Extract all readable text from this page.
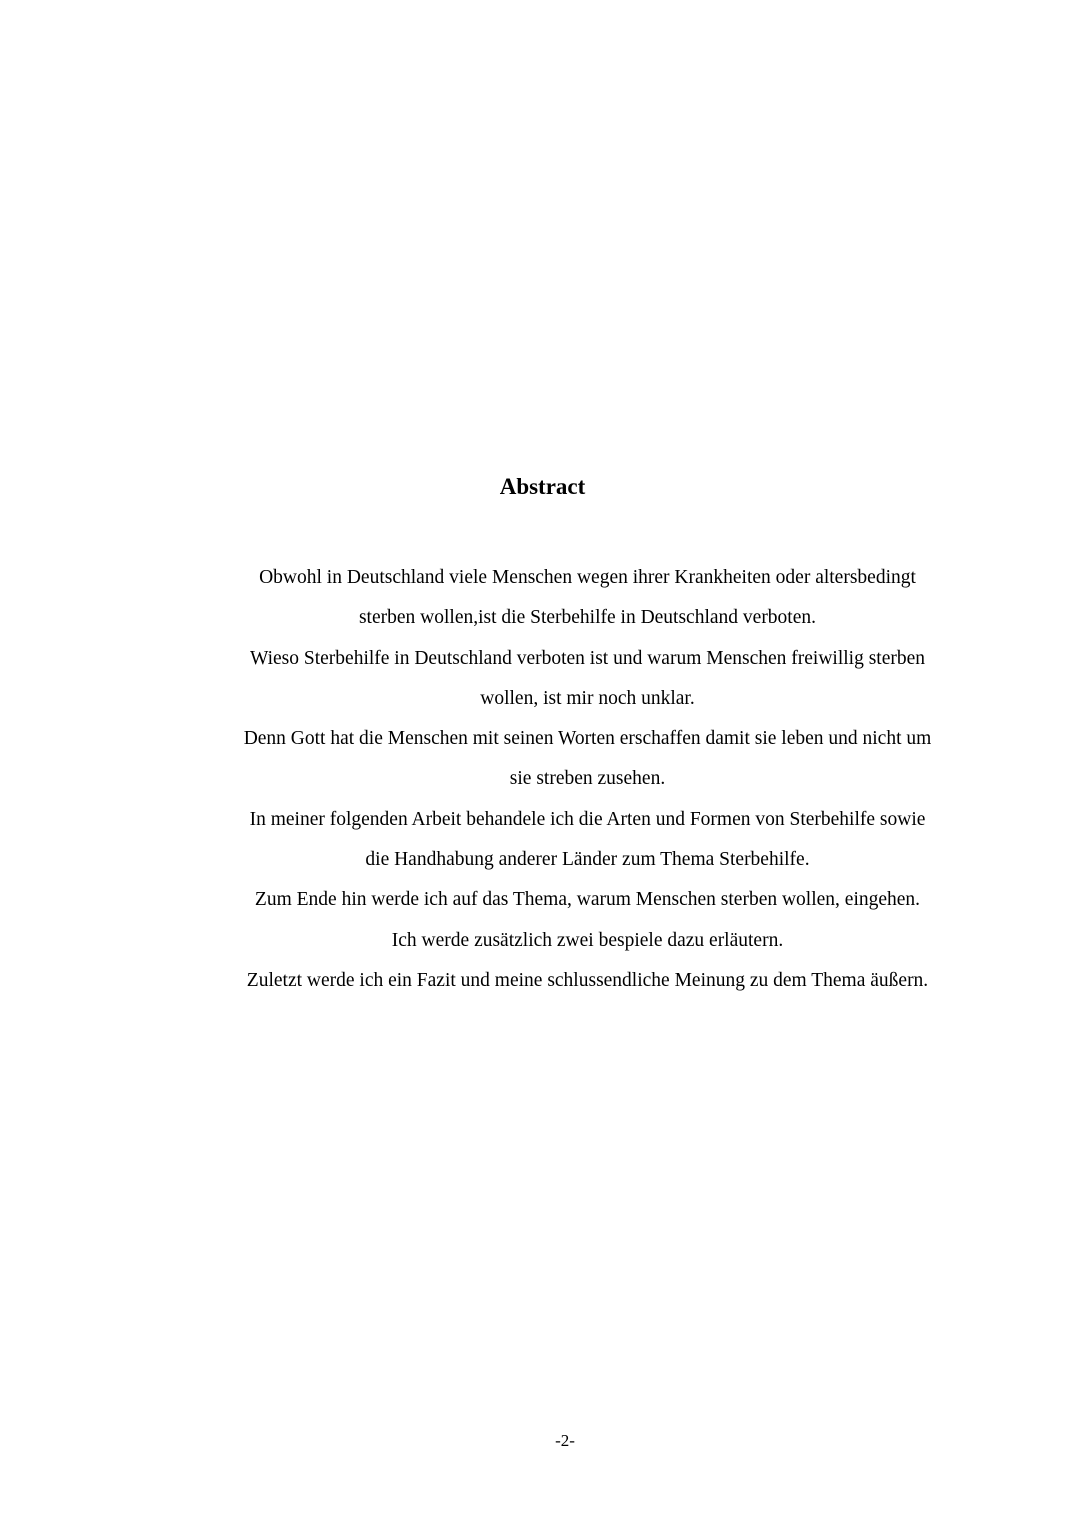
Abstract
Obwohl in Deutschland viele Menschen wegen ihrer Krankheiten oder altersbedingt
sterben wollen,ist die Sterbehilfe in Deutschland verboten.
Wieso Sterbehilfe in Deutschland verboten ist und warum Menschen freiwillig sterben
wollen, ist mir noch unklar.
Denn Gott hat die Menschen mit seinen Worten erschaffen damit sie leben und nicht um
sie streben zusehen.
In meiner folgenden Arbeit behandele ich die Arten und Formen von Sterbehilfe sowie
die Handhabung anderer Länder zum Thema Sterbehilfe.
Zum Ende hin werde ich auf das Thema, warum Menschen sterben wollen, eingehen.
Ich werde zusätzlich zwei bespiele dazu erläutern.
Zuletzt werde ich ein Fazit und meine schlussendliche Meinung zu dem Thema äußern.
-2-
